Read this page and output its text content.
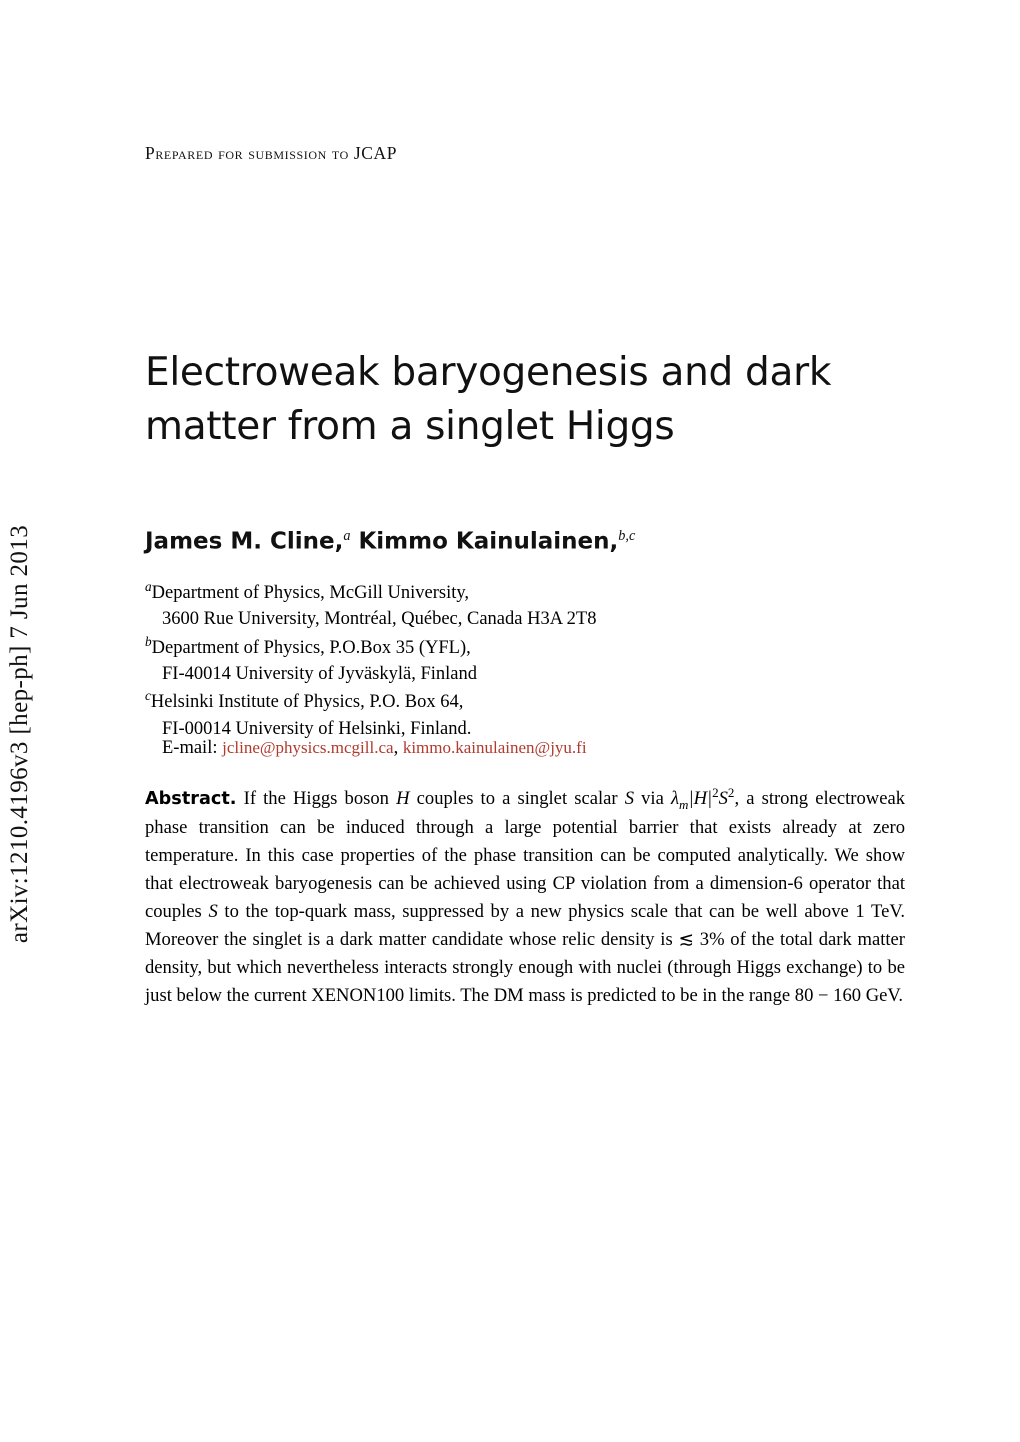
arXiv:1210.4196v3 [hep-ph] 7 Jun 2013
Prepared for submission to JCAP
Electroweak baryogenesis and dark matter from a singlet Higgs
James M. Cline,$^a$ Kimmo Kainulainen,$^{b,c}$
$^a$Department of Physics, McGill University,
3600 Rue University, Montréal, Québec, Canada H3A 2T8
$^b$Department of Physics, P.O.Box 35 (YFL),
FI-40014 University of Jyväskylä, Finland
$^c$Helsinki Institute of Physics, P.O. Box 64,
FI-00014 University of Helsinki, Finland.
E-mail: jcline@physics.mcgill.ca, kimmo.kainulainen@jyu.fi
Abstract. If the Higgs boson H couples to a singlet scalar S via $\lambda_m|H|^2S^2$, a strong electroweak phase transition can be induced through a large potential barrier that exists already at zero temperature. In this case properties of the phase transition can be computed analytically. We show that electroweak baryogenesis can be achieved using CP violation from a dimension-6 operator that couples S to the top-quark mass, suppressed by a new physics scale that can be well above 1 TeV. Moreover the singlet is a dark matter candidate whose relic density is ≲ 3% of the total dark matter density, but which nevertheless interacts strongly enough with nuclei (through Higgs exchange) to be just below the current XENON100 limits. The DM mass is predicted to be in the range 80 − 160 GeV.
